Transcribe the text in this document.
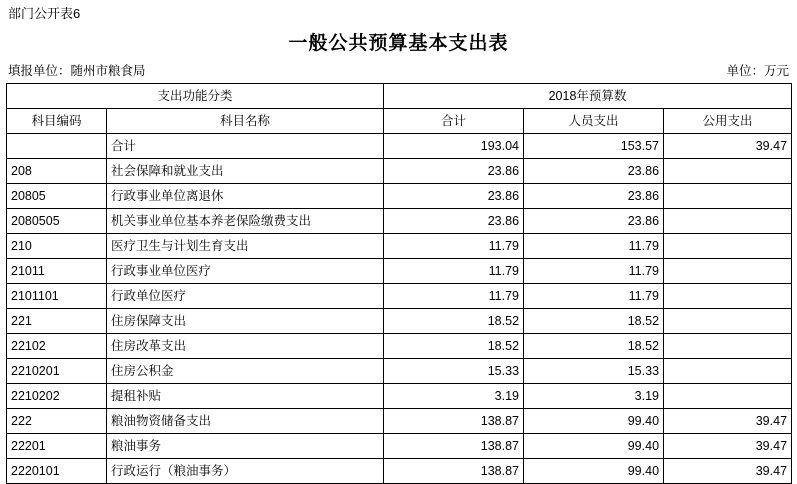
部门公开表6
一般公共预算基本支出表
填报单位：随州市粮食局	单位：万元
支出功能分类		2018年预算数		
科目编码	科目名称	合计	人员支出	公用支出
	合计	193.04	153.57	39.47
208	社会保障和就业支出	23.86	23.86	
20805	行政事业单位离退休	23.86	23.86	
2080505	机关事业单位基本养老保险缴费支出	23.86	23.86	
210	医疗卫生与计划生育支出	11.79	11.79	
21011	行政事业单位医疗	11.79	11.79	
2101101	行政单位医疗	11.79	11.79	
221	住房保障支出	18.52	18.52	
22102	住房改革支出	18.52	18.52	
2210201	住房公积金	15.33	15.33	
2210202	提租补贴	3.19	3.19	
222	粮油物资储备支出	138.87	99.40	39.47
22201	粮油事务	138.87	99.40	39.47
2220101	行政运行（粮油事务）	138.87	99.40	39.47
